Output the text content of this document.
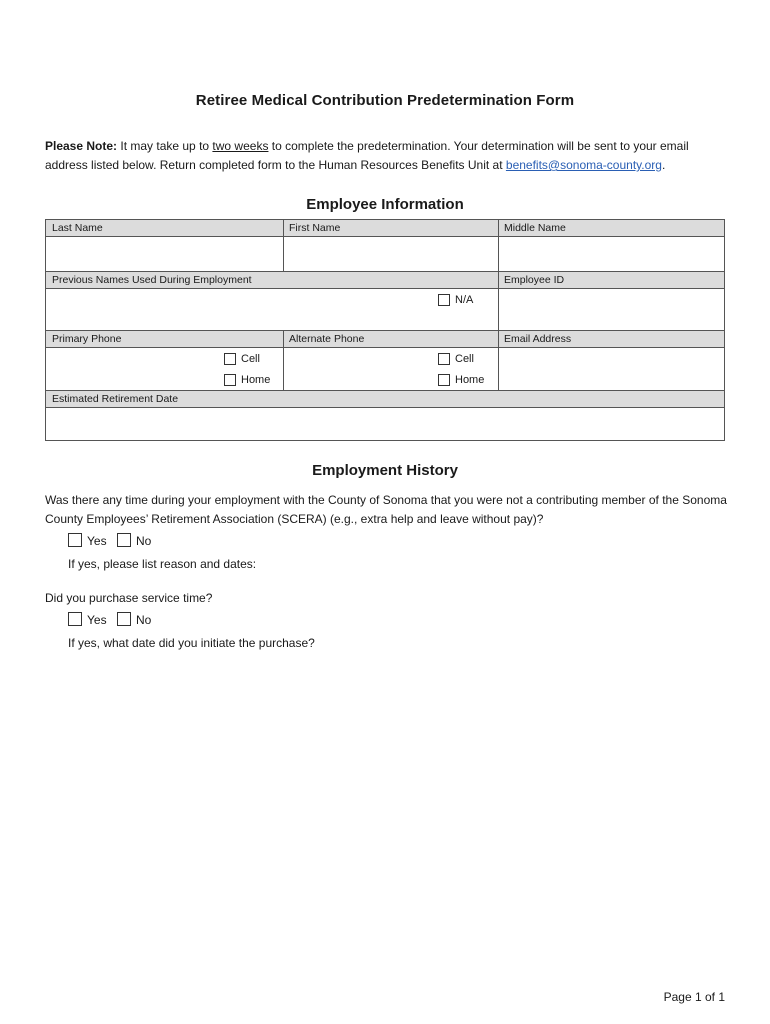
Retiree Medical Contribution Predetermination Form
Please Note: It may take up to two weeks to complete the predetermination. Your determination will be sent to your email address listed below. Return completed form to the Human Resources Benefits Unit at benefits@sonoma-county.org.
Employee Information
Last Name	First Name	Middle Name
Previous Names Used During Employment	Employee ID
Primary Phone	Alternate Phone	Email Address
Estimated Retirement Date
N/A
Cell
Home
Cell
Home
Employment History
Was there any time during your employment with the County of Sonoma that you were not a contributing member of the Sonoma County Employees’ Retirement Association (SCERA) (e.g., extra help and leave without pay)?
Yes No
If yes, please list reason and dates:
Did you purchase service time?
Yes No
If yes, what date did you initiate the purchase?
Page 1 of 1
